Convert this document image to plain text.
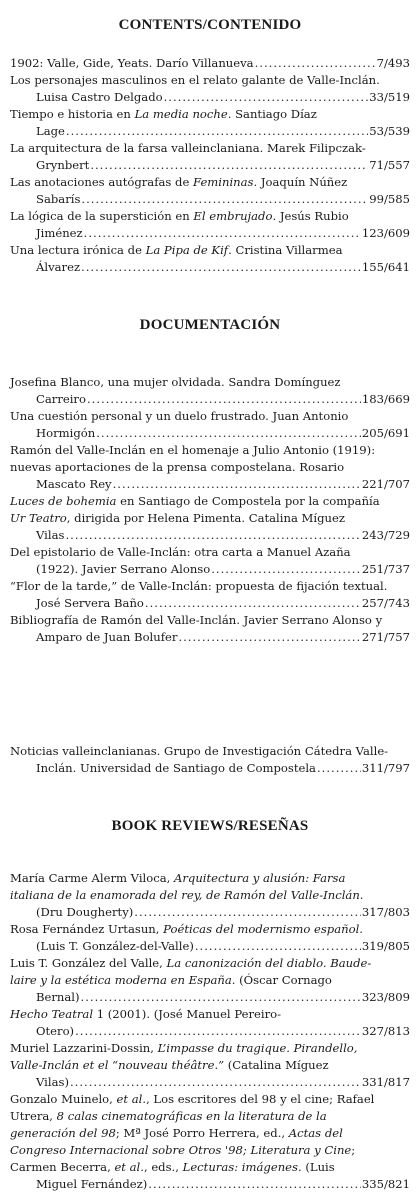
CONTENTS/CONTENIDO

1902: Valle, Gide, Yeats. Darío Villanueva .....	7/493

Los personajes masculinos en el relato galante de Valle-Inclán.
Luisa Castro Delgado .....	33/519

Tiempo e historia en La media noche. Santiago Díaz
Lage .....	53/539

La arquitectura de la farsa valleinclaniana. Marek Filipczak-
Grynbert .....	71/557

Las anotaciones autógrafas de Femininas. Joaquín Núñez
Sabarís .....	99/585

La lógica de la superstición en El embrujado. Jesús Rubio
Jiménez .....	123/609

Una lectura irónica de La Pipa de Kif. Cristina Villarmea
Álvarez .....	155/641

DOCUMENTACIÓN

Josefina Blanco, una mujer olvidada. Sandra Domínguez
Carreiro .....	183/669

Una cuestión personal y un duelo frustrado. Juan Antonio
Hormigón .....	205/691

Ramón del Valle-Inclán en el homenaje a Julio Antonio (1919):
nuevas aportaciones de la prensa compostelana. Rosario
Mascato Rey .....	221/707

Luces de bohemia en Santiago de Compostela por la compañía
Ur Teatro, dirigida por Helena Pimenta. Catalina Míguez
Vilas .....	243/729

Del epistolario de Valle-Inclán: otra carta a Manuel Azaña
(1922). Javier Serrano Alonso .....	251/737

“Flor de la tarde,” de Valle-Inclán: propuesta de fijación textual.
José Servera Baño .....	257/743

Bibliografía de Ramón del Valle-Inclán. Javier Serrano Alonso y
Amparo de Juan Bolufer .....	271/757

Noticias valleinclanianas. Grupo de Investigación Cátedra Valle-
Inclán. Universidad de Santiago de Compostela .....	311/797

BOOK REVIEWS/RESEÑAS

María Carme Alerm Viloca, Arquitectura y alusión: Farsa
italiana de la enamorada del rey, de Ramón del Valle-Inclán.
(Dru Dougherty) .....	317/803

Rosa Fernández Urtasun, Poéticas del modernismo español.
(Luis T. González-del-Valle) .....	319/805

Luis T. González del Valle, La canonización del diablo. Baude-
laire y la estética moderna en España. (Óscar Cornago
Bernal) .....	323/809

Hecho Teatral 1 (2001). (José Manuel Pereiro-
Otero) .....	327/813

Muriel Lazzarini-Dossin, L’impasse du tragique. Pirandello,
Valle-Inclán et el “nouveau théâtre.” (Catalina Míguez
Vilas) .....	331/817

Gonzalo Muinelo, et al., Los escritores del 98 y el cine; Rafael
Utrera, 8 calas cinematográficas en la literatura de la
generación del 98; Mª José Porro Herrera, ed., Actas del
Congreso Internacional sobre Otros '98; Literatura y Cine;
Carmen Becerra, et al., eds., Lecturas: imágenes. (Luis
Miguel Fernández) .....	335/821
